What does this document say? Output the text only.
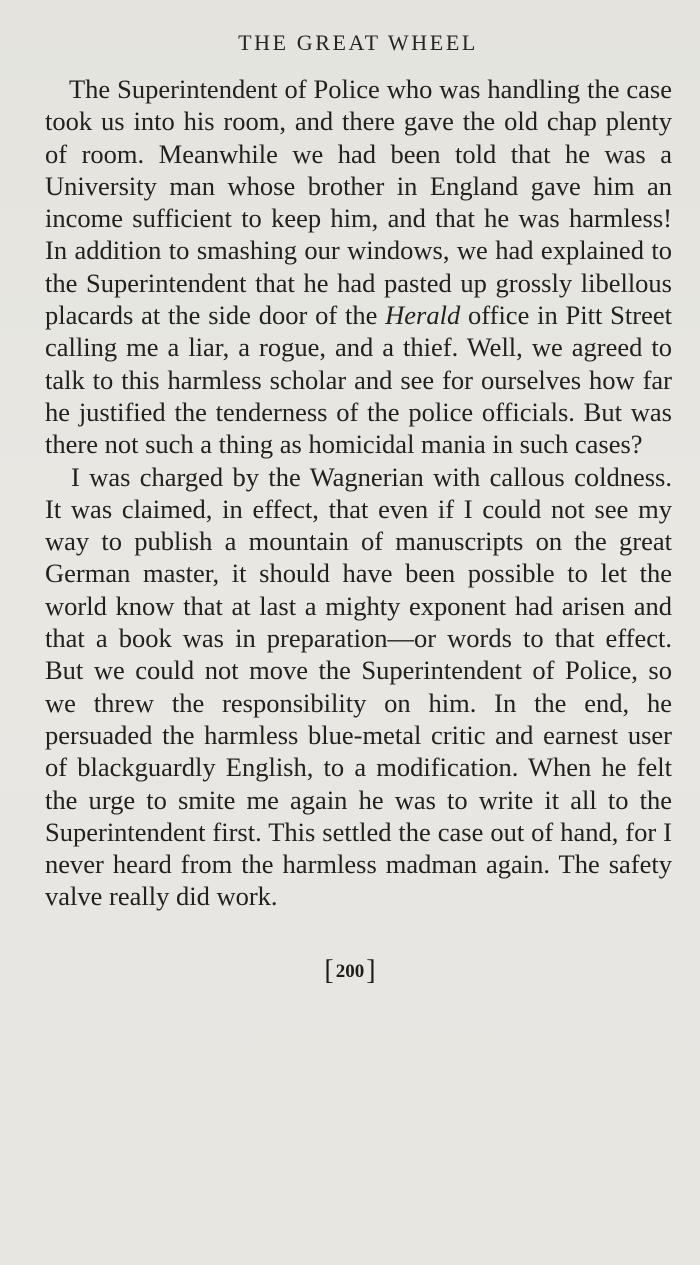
THE GREAT WHEEL

The Superintendent of Police who was handling the case took us into his room, and there gave the old chap plenty of room. Meanwhile we had been told that he was a University man whose brother in England gave him an income sufficient to keep him, and that he was harmless! In addition to smashing our windows, we had explained to the Superintendent that he had pasted up grossly libellous placards at the side door of the Herald office in Pitt Street calling me a liar, a rogue, and a thief. Well, we agreed to talk to this harmless scholar and see for ourselves how far he justified the tenderness of the police officials. But was there not such a thing as homicidal mania in such cases?

I was charged by the Wagnerian with callous coldness. It was claimed, in effect, that even if I could not see my way to publish a mountain of manuscripts on the great German master, it should have been possible to let the world know that at last a mighty exponent had arisen and that a book was in preparation—or words to that effect. But we could not move the Superintendent of Police, so we threw the responsibility on him. In the end, he persuaded the harmless blue-metal critic and earnest user of blackguardly English, to a modification. When he felt the urge to smite me again he was to write it all to the Superintendent first. This settled the case out of hand, for I never heard from the harmless madman again. The safety valve really did work.

[ 200]
